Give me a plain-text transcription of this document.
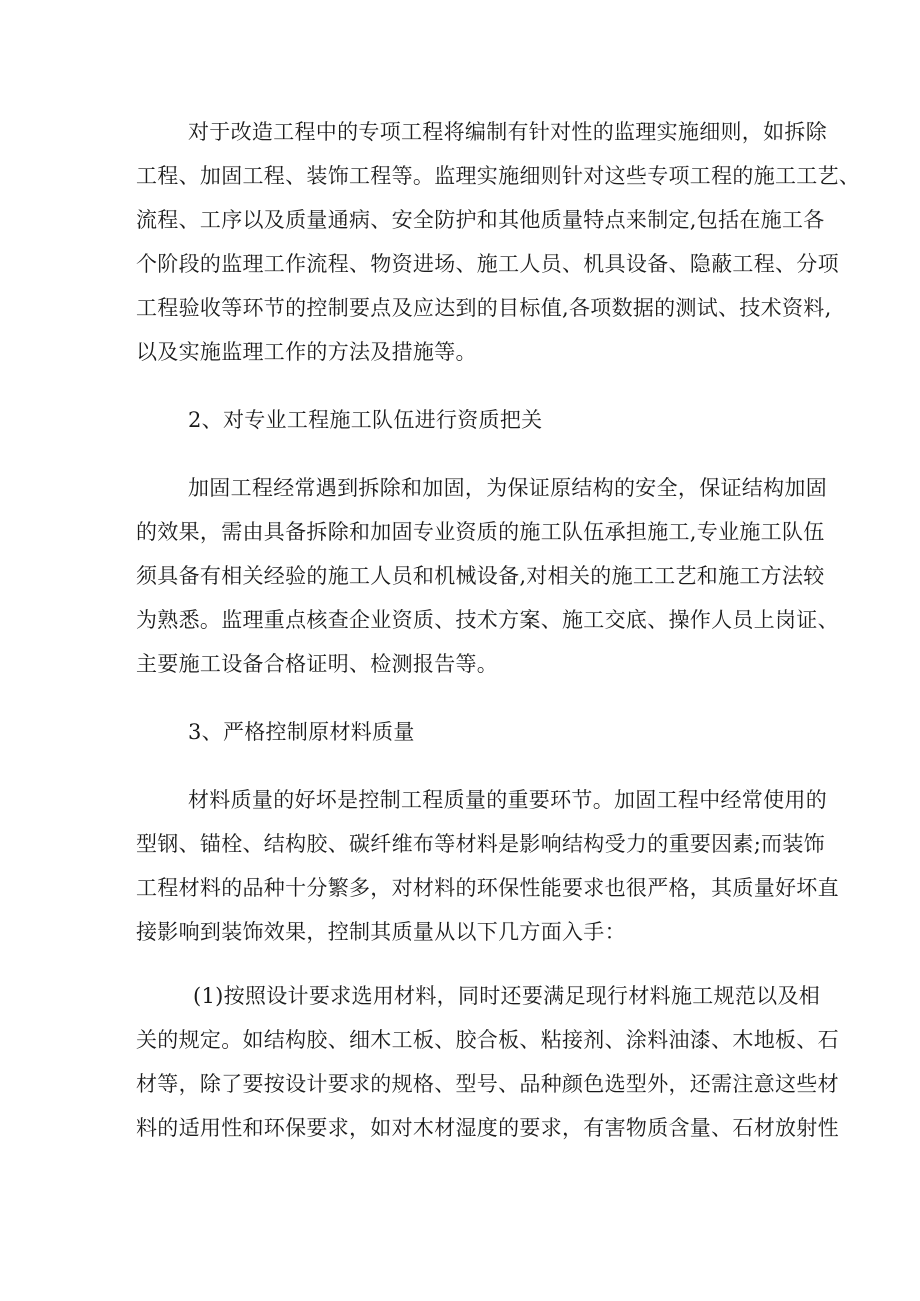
对于改造工程中的专项工程将编制有针对性的监理实施细则，如拆除
工程、加固工程、装饰工程等。监理实施细则针对这些专项工程的施工工艺、
流程、工序以及质量通病、安全防护和其他质量特点来制定,包括在施工各
个阶段的监理工作流程、物资进场、施工人员、机具设备、隐蔽工程、分项
工程验收等环节的控制要点及应达到的目标值,各项数据的测试、技术资料,
以及实施监理工作的方法及措施等。
2、对专业工程施工队伍进行资质把关
加固工程经常遇到拆除和加固，为保证原结构的安全，保证结构加固
的效果，需由具备拆除和加固专业资质的施工队伍承担施工,专业施工队伍
须具备有相关经验的施工人员和机械设备,对相关的施工工艺和施工方法较
为熟悉。监理重点核查企业资质、技术方案、施工交底、操作人员上岗证、
主要施工设备合格证明、检测报告等。
3、严格控制原材料质量
材料质量的好坏是控制工程质量的重要环节。加固工程中经常使用的
型钢、锚栓、结构胶、碳纤维布等材料是影响结构受力的重要因素;而装饰
工程材料的品种十分繁多，对材料的环保性能要求也很严格，其质量好坏直
接影响到装饰效果，控制其质量从以下几方面入手：
(1)按照设计要求选用材料，同时还要满足现行材料施工规范以及相
关的规定。如结构胶、细木工板、胶合板、粘接剂、涂料油漆、木地板、石
材等，除了要按设计要求的规格、型号、品种颜色选型外，还需注意这些材
料的适用性和环保要求，如对木材湿度的要求，有害物质含量、石材放射性
